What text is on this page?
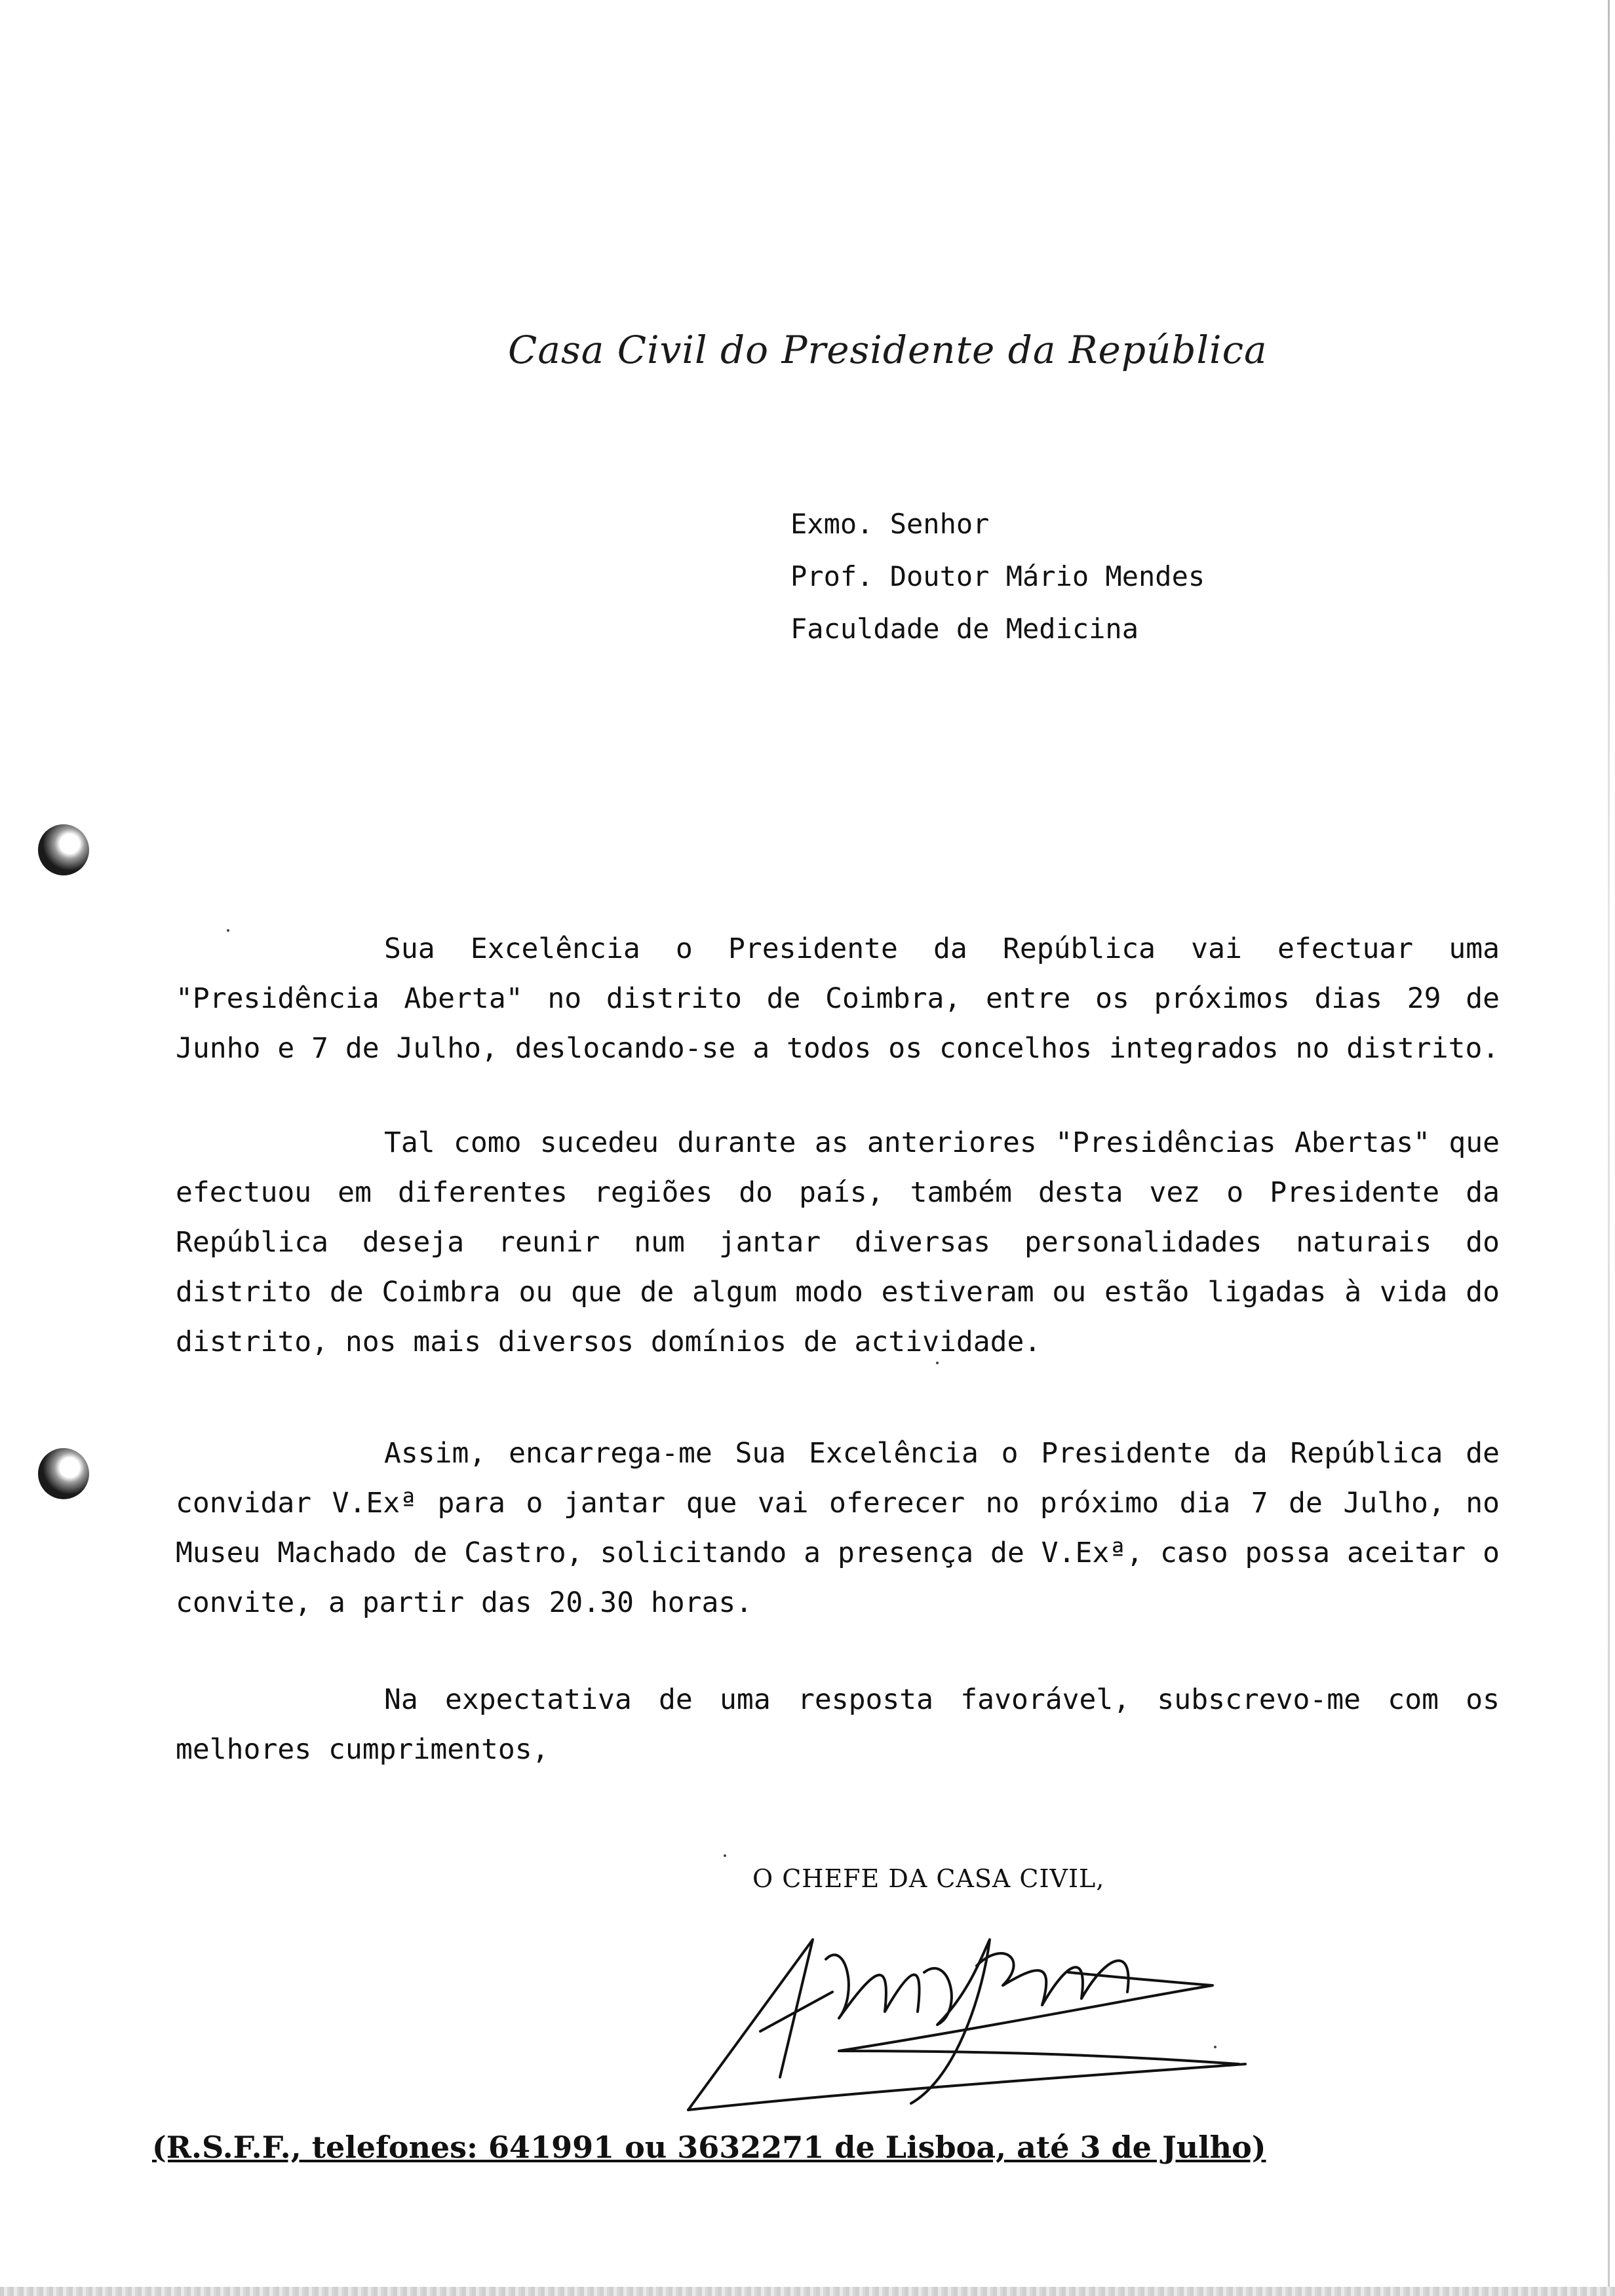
Casa Civil do Presidente da República
Exmo. Senhor
Prof. Doutor Mário Mendes
Faculdade de Medicina
Sua Excelência o Presidente da República vai efectuar uma "Presidência Aberta" no distrito de Coimbra, entre os próximos dias 29 de Junho e 7 de Julho, deslocando-se a todos os concelhos integrados no distrito.
Tal como sucedeu durante as anteriores "Presidências Abertas" que efectuou em diferentes regiões do país, também desta vez o Presidente da República deseja reunir num jantar diversas personalidades naturais do distrito de Coimbra ou que de algum modo estiveram ou estão ligadas à vida do distrito, nos mais diversos domínios de actividade.
Assim, encarrega-me Sua Excelência o Presidente da República de convidar V.Exª para o jantar que vai oferecer no próximo dia 7 de Julho, no Museu Machado de Castro, solicitando a presença de V.Exª, caso possa aceitar o convite, a partir das 20.30 horas.
Na expectativa de uma resposta favorável, subscrevo-me com os melhores cumprimentos,
O CHEFE DA CASA CIVIL,
(R.S.F.F., telefones: 641991 ou 3632271 de Lisboa, até 3 de Julho)
